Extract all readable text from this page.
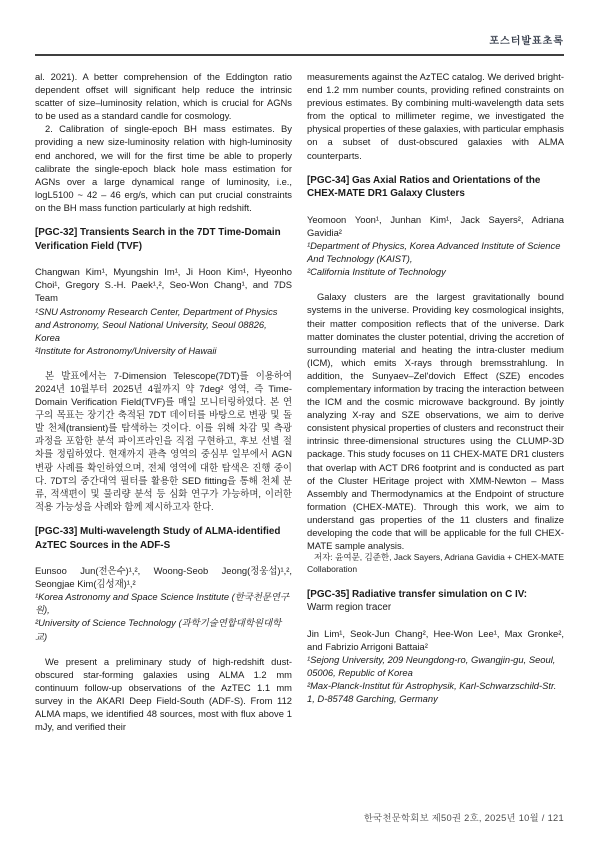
포스터발표초록

al. 2021). A better comprehension of the Eddington ratio dependent offset will significant help reduce the intrinsic scatter of size–luminosity relation, which is crucial for AGNs to be used as a standard candle for cosmology.

2. Calibration of single-epoch BH mass estimates. By providing a new size-luminosity relation with high-luminosity end anchored, we will for the first time be able to properly calibrate the single-epoch black hole mass estimation for AGNs over a large dynamical range of luminosity, i.e., logL5100 ~ 42 – 46 erg/s, which can put crucial constraints on the BH mass function particularly at high redshift.

[PGC-32] Transients Search in the 7DT Time-Domain Verification Field (TVF)

Changwan Kim¹, Myungshin Im¹, Ji Hoon Kim¹, Hyeonho Choi¹, Gregory S.-H. Paek¹,², Seo-Won Chang¹, and 7DS Team

¹SNU Astronomy Research Center, Department of Physics and Astronomy, Seoul National University, Seoul 08826, Korea

²Institute for Astronomy/University of Hawaii

본 발표에서는 7-Dimension Telescope(7DT)를 이용하여 2024년 10월부터 2025년 4월까지 약 7deg² 영역, 즉 Time-Domain Verification Field(TVF)를 매일 모니터링하였다. 본 연구의 목표는 장기간 축적된 7DT 데이터를 바탕으로 변광 및 돌발 천체(transient)를 탐색하는 것이다. 이를 위해 차감 및 측광 과정을 포함한 분석 파이프라인을 직접 구현하고, 후보 선별 절차를 정립하였다. 현재까지 관측 영역의 중심부 일부에서 AGN 변광 사례를 확인하였으며, 전체 영역에 대한 탐색은 진행 중이다. 7DT의 중간대역 필터를 활용한 SED fitting을 통해 천체 분류, 적색편이 및 물리량 분석 등 심화 연구가 가능하며, 이러한 적용 가능성을 사례와 함께 제시하고자 한다.

[PGC-33] Multi-wavelength Study of ALMA-identified AzTEC Sources in the ADF-S

Eunsoo Jun(전은수)¹,², Woong-Seob Jeong(정웅섭)¹,², Seongjae Kim(김성재)¹,²

¹Korea Astronomy and Space Science Institute (한국천문연구원),

²University of Science Technology (과학기술연합대학원대학교)

We present a preliminary study of high-redshift dust-obscured star-forming galaxies using ALMA 1.2 mm continuum follow-up observations of the AzTEC 1.1 mm survey in the AKARI Deep Field-South (ADF-S). From 112 ALMA maps, we identified 48 sources, most with flux above 1 mJy, and verified their

measurements against the AzTEC catalog. We derived bright-end 1.2 mm number counts, providing refined constraints on previous estimates. By combining multi-wavelength data sets from the optical to millimeter regime, we investigated the physical properties of these galaxies, with particular emphasis on a subset of dust-obscured galaxies with ALMA counterparts.

[PGC-34] Gas Axial Ratios and Orientations of the CHEX-MATE DR1 Galaxy Clusters

Yeomoon Yoon¹, Junhan Kim¹, Jack Sayers², Adriana Gavidia²

¹Department of Physics, Korea Advanced Institute of Science And Technology (KAIST),

²California Institute of Technology

Galaxy clusters are the largest gravitationally bound systems in the universe. Providing key cosmological insights, their matter composition reflects that of the universe. Dark matter dominates the cluster potential, driving the accretion of surrounding material and heating the intra-cluster medium (ICM), which emits X-rays through bremsstrahlung. In addition, the Sunyaev–Zel'dovich Effect (SZE) encodes complementary information by tracing the interaction between the ICM and the cosmic microwave background. By jointly analyzing X-ray and SZE observations, we aim to derive consistent physical properties of clusters and reconstruct their intrinsic three-dimensional structures using the CLUMP-3D package. This study focuses on 11 CHEX-MATE DR1 clusters that overlap with ACT DR6 footprint and is conducted as part of the Cluster HEritage project with XMM-Newton – Mass Assembly and Thermodynamics at the Endpoint of structure formation (CHEX-MATE). Through this work, we aim to understand gas properties of the 11 clusters and finalize developing the code that will be applicable for the full CHEX-MATE sample analysis.

저자: 윤여문, 김준한, Jack Sayers, Adriana Gavidia + CHEX-MATE Collaboration

[PGC-35] Radiative transfer simulation on C IV:
Warm region tracer

Jin Lim¹, Seok-Jun Chang², Hee-Won Lee¹, Max Gronke², and Fabrizio Arrigoni Battaia²

¹Sejong University, 209 Neungdong-ro, Gwangjin-gu, Seoul, 05006, Republic of Korea

²Max-Planck-Institut für Astrophysik, Karl-Schwarzschild-Str. 1, D-85748 Garching, Germany

한국천문학회보 제50권 2호, 2025년 10월 / 121
